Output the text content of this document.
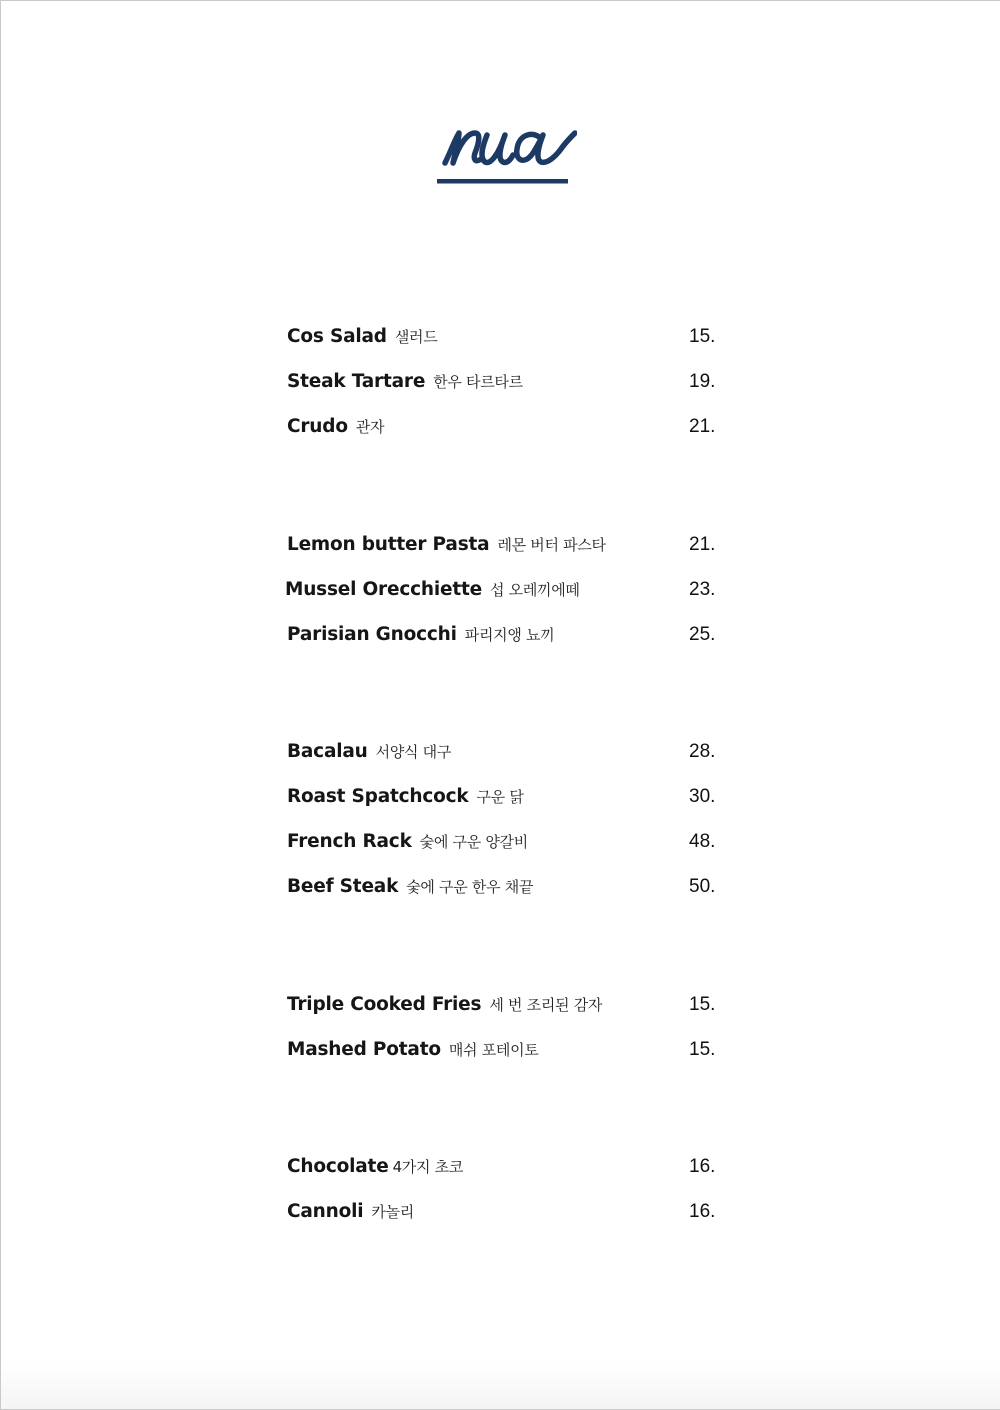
Cos Salad 샐러드	15.
Steak Tartare 한우 타르타르	19.
Crudo 관자	21.
Lemon butter Pasta 레몬 버터 파스타	21.
Mussel Orecchiette 섭 오레끼에떼	23.
Parisian Gnocchi 파리지앵 뇨끼	25.
Bacalau 서양식 대구	28.
Roast Spatchcock 구운 닭	30.
French Rack 숯에 구운 양갈비	48.
Beef Steak 숯에 구운 한우 채끝	50.
Triple Cooked Fries 세 번 조리된 감자	15.
Mashed Potato 매쉬 포테이토	15.
Chocolate 4가지 초코	16.
Cannoli 카놀리	16.
